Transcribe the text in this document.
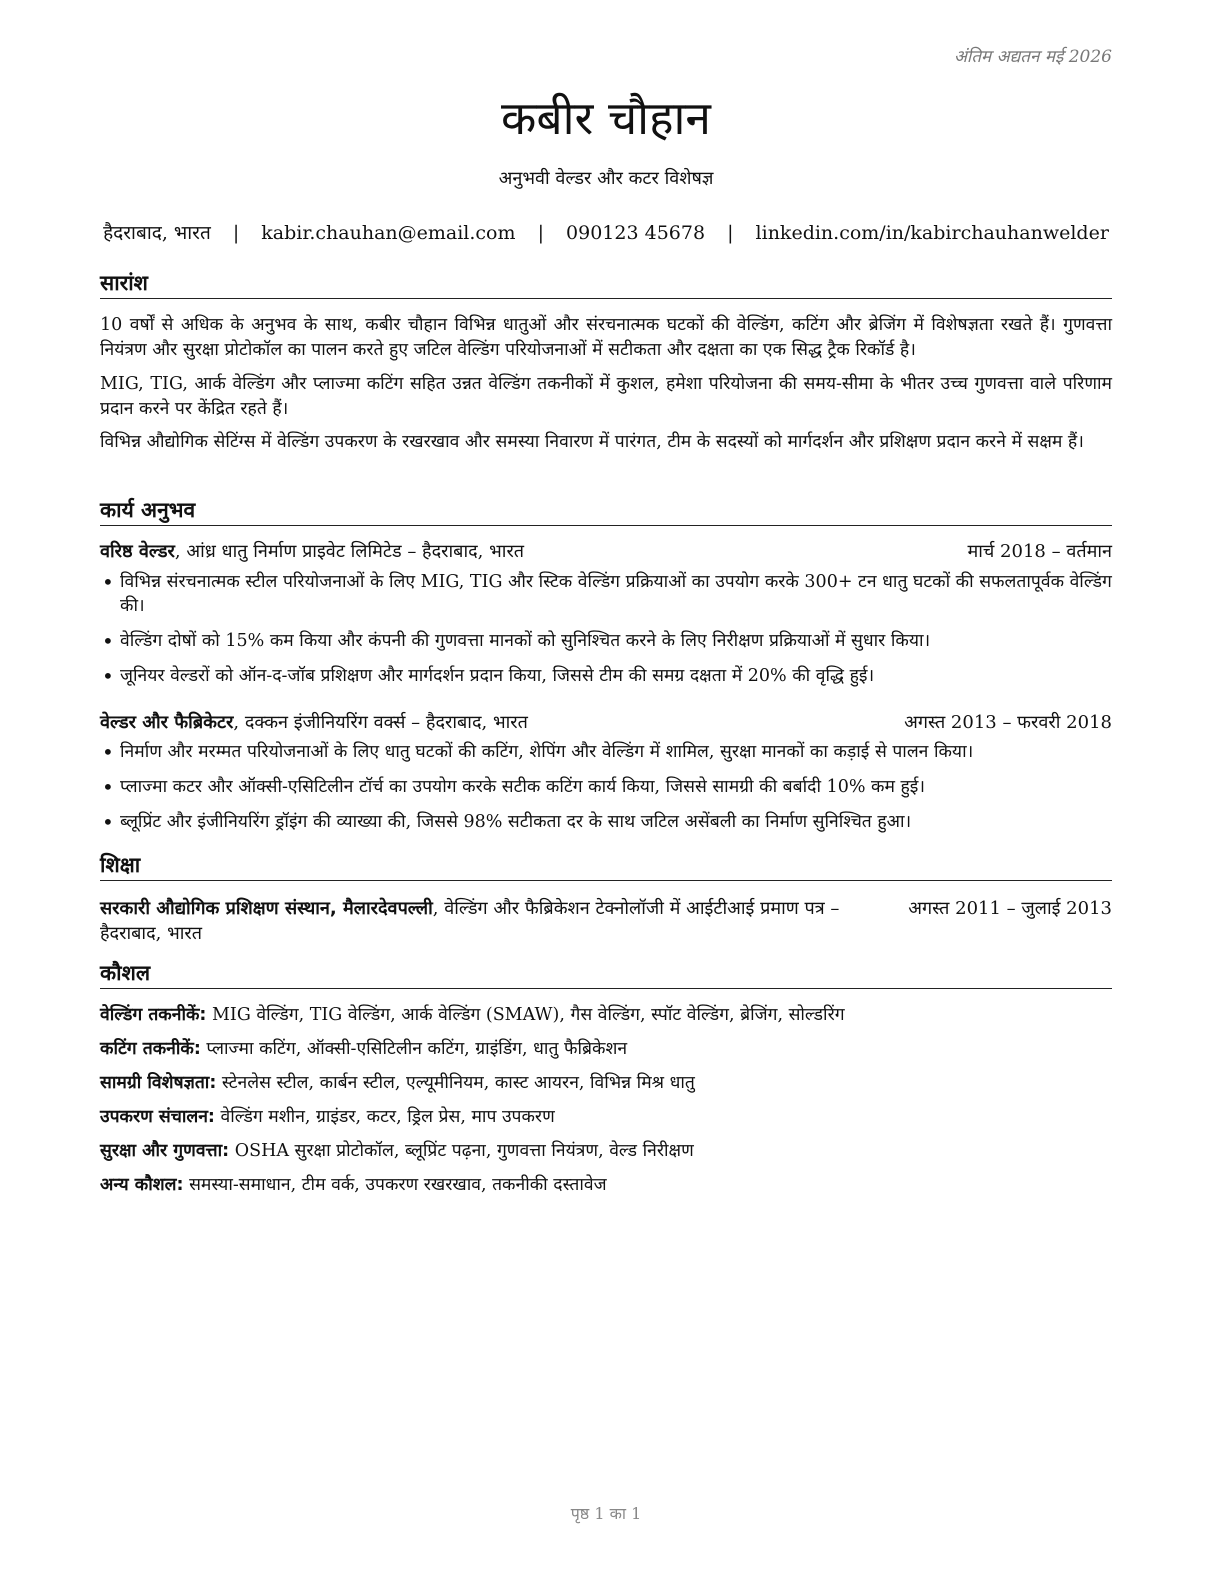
अंतिम अद्यतन मई 2026
कबीर चौहान
अनुभवी वेल्डर और कटर विशेषज्ञ
हैदराबाद, भारत | kabir.chauhan@email.com | 090123 45678 | linkedin.com/in/kabirchauhanwelder
सारांश
10 वर्षों से अधिक के अनुभव के साथ, कबीर चौहान विभिन्न धातुओं और संरचनात्मक घटकों की वेल्डिंग, कटिंग और ब्रेजिंग में विशेषज्ञता रखते हैं। गुणवत्ता नियंत्रण और सुरक्षा प्रोटोकॉल का पालन करते हुए जटिल वेल्डिंग परियोजनाओं में सटीकता और दक्षता का एक सिद्ध ट्रैक रिकॉर्ड है।
MIG, TIG, आर्क वेल्डिंग और प्लाज्मा कटिंग सहित उन्नत वेल्डिंग तकनीकों में कुशल, हमेशा परियोजना की समय-सीमा के भीतर उच्च गुणवत्ता वाले परिणाम प्रदान करने पर केंद्रित रहते हैं।
विभिन्न औद्योगिक सेटिंग्स में वेल्डिंग उपकरण के रखरखाव और समस्या निवारण में पारंगत, टीम के सदस्यों को मार्गदर्शन और प्रशिक्षण प्रदान करने में सक्षम हैं।
कार्य अनुभव
वरिष्ठ वेल्डर, आंध्र धातु निर्माण प्राइवेट लिमिटेड – हैदराबाद, भारत	मार्च 2018 – वर्तमान
• विभिन्न संरचनात्मक स्टील परियोजनाओं के लिए MIG, TIG और स्टिक वेल्डिंग प्रक्रियाओं का उपयोग करके 300+ टन धातु घटकों की सफलतापूर्वक वेल्डिंग की।
• वेल्डिंग दोषों को 15% कम किया और कंपनी की गुणवत्ता मानकों को सुनिश्चित करने के लिए निरीक्षण प्रक्रियाओं में सुधार किया।
• जूनियर वेल्डरों को ऑन-द-जॉब प्रशिक्षण और मार्गदर्शन प्रदान किया, जिससे टीम की समग्र दक्षता में 20% की वृद्धि हुई।
वेल्डर और फैब्रिकेटर, दक्कन इंजीनियरिंग वर्क्स – हैदराबाद, भारत	अगस्त 2013 – फरवरी 2018
• निर्माण और मरम्मत परियोजनाओं के लिए धातु घटकों की कटिंग, शेपिंग और वेल्डिंग में शामिल, सुरक्षा मानकों का कड़ाई से पालन किया।
• प्लाज्मा कटर और ऑक्सी-एसिटिलीन टॉर्च का उपयोग करके सटीक कटिंग कार्य किया, जिससे सामग्री की बर्बादी 10% कम हुई।
• ब्लूप्रिंट और इंजीनियरिंग ड्रॉइंग की व्याख्या की, जिससे 98% सटीकता दर के साथ जटिल असेंबली का निर्माण सुनिश्चित हुआ।
शिक्षा
सरकारी औद्योगिक प्रशिक्षण संस्थान, मैलारदेवपल्ली, वेल्डिंग और फैब्रिकेशन टेक्नोलॉजी में आईटीआई प्रमाण पत्र – हैदराबाद, भारत
अगस्त 2011 – जुलाई 2013
कौशल
वेल्डिंग तकनीकें: MIG वेल्डिंग, TIG वेल्डिंग, आर्क वेल्डिंग (SMAW), गैस वेल्डिंग, स्पॉट वेल्डिंग, ब्रेजिंग, सोल्डरिंग
कटिंग तकनीकें: प्लाज्मा कटिंग, ऑक्सी-एसिटिलीन कटिंग, ग्राइंडिंग, धातु फैब्रिकेशन
सामग्री विशेषज्ञता: स्टेनलेस स्टील, कार्बन स्टील, एल्यूमीनियम, कास्ट आयरन, विभिन्न मिश्र धातु
उपकरण संचालन: वेल्डिंग मशीन, ग्राइंडर, कटर, ड्रिल प्रेस, माप उपकरण
सुरक्षा और गुणवत्ता: OSHA सुरक्षा प्रोटोकॉल, ब्लूप्रिंट पढ़ना, गुणवत्ता नियंत्रण, वेल्ड निरीक्षण
अन्य कौशल: समस्या-समाधान, टीम वर्क, उपकरण रखरखाव, तकनीकी दस्तावेज
पृष्ठ 1 का 1
